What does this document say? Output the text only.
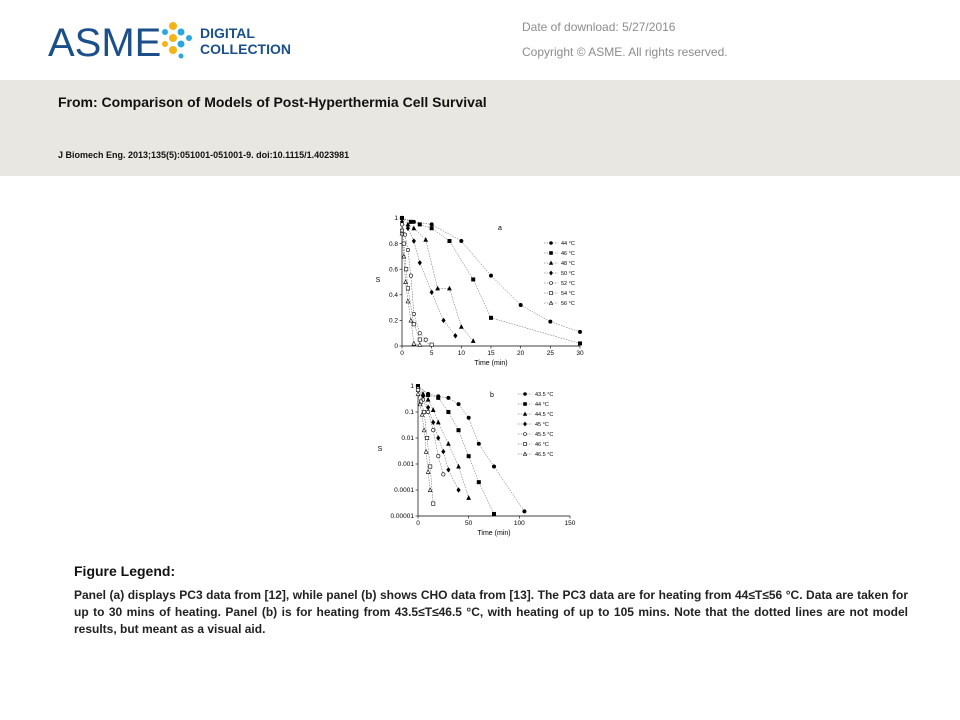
ASME	DIGITAL
COLLECTION
Date of download: 5/27/2016
Copyright © ASME. All rights reserved.
From: Comparison of Models of Post-Hyperthermia Cell Survival
J Biomech Eng. 2013;135(5):051001-051001-9. doi:10.1115/1.4023981
0	5	10	15	20	25	30
0
0.2
0.4
0.6
0.8
1
Time (min)
S
a
44 °C
46 °C
48 °C
50 °C
52 °C
54 °C
56 °C
0	50	100	150
0.00001
0.0001
0.001
0.01
0.1
1
Time (min)
S
b	43.5 °C
44 °C
44.5 °C
45 °C
45.5 °C
46 °C
46.5 °C
Figure Legend:

Panel (a) displays PC3 data from [12], while panel (b) shows CHO data from [13]. The PC3 data are for heating from 44≤T≤56 °C. Data are taken for up to 30 mins of heating. Panel (b) is for heating from 43.5≤T≤46.5 °C, with heating of up to 105 mins. Note that the dotted lines are not model results, but meant as a visual aid.
